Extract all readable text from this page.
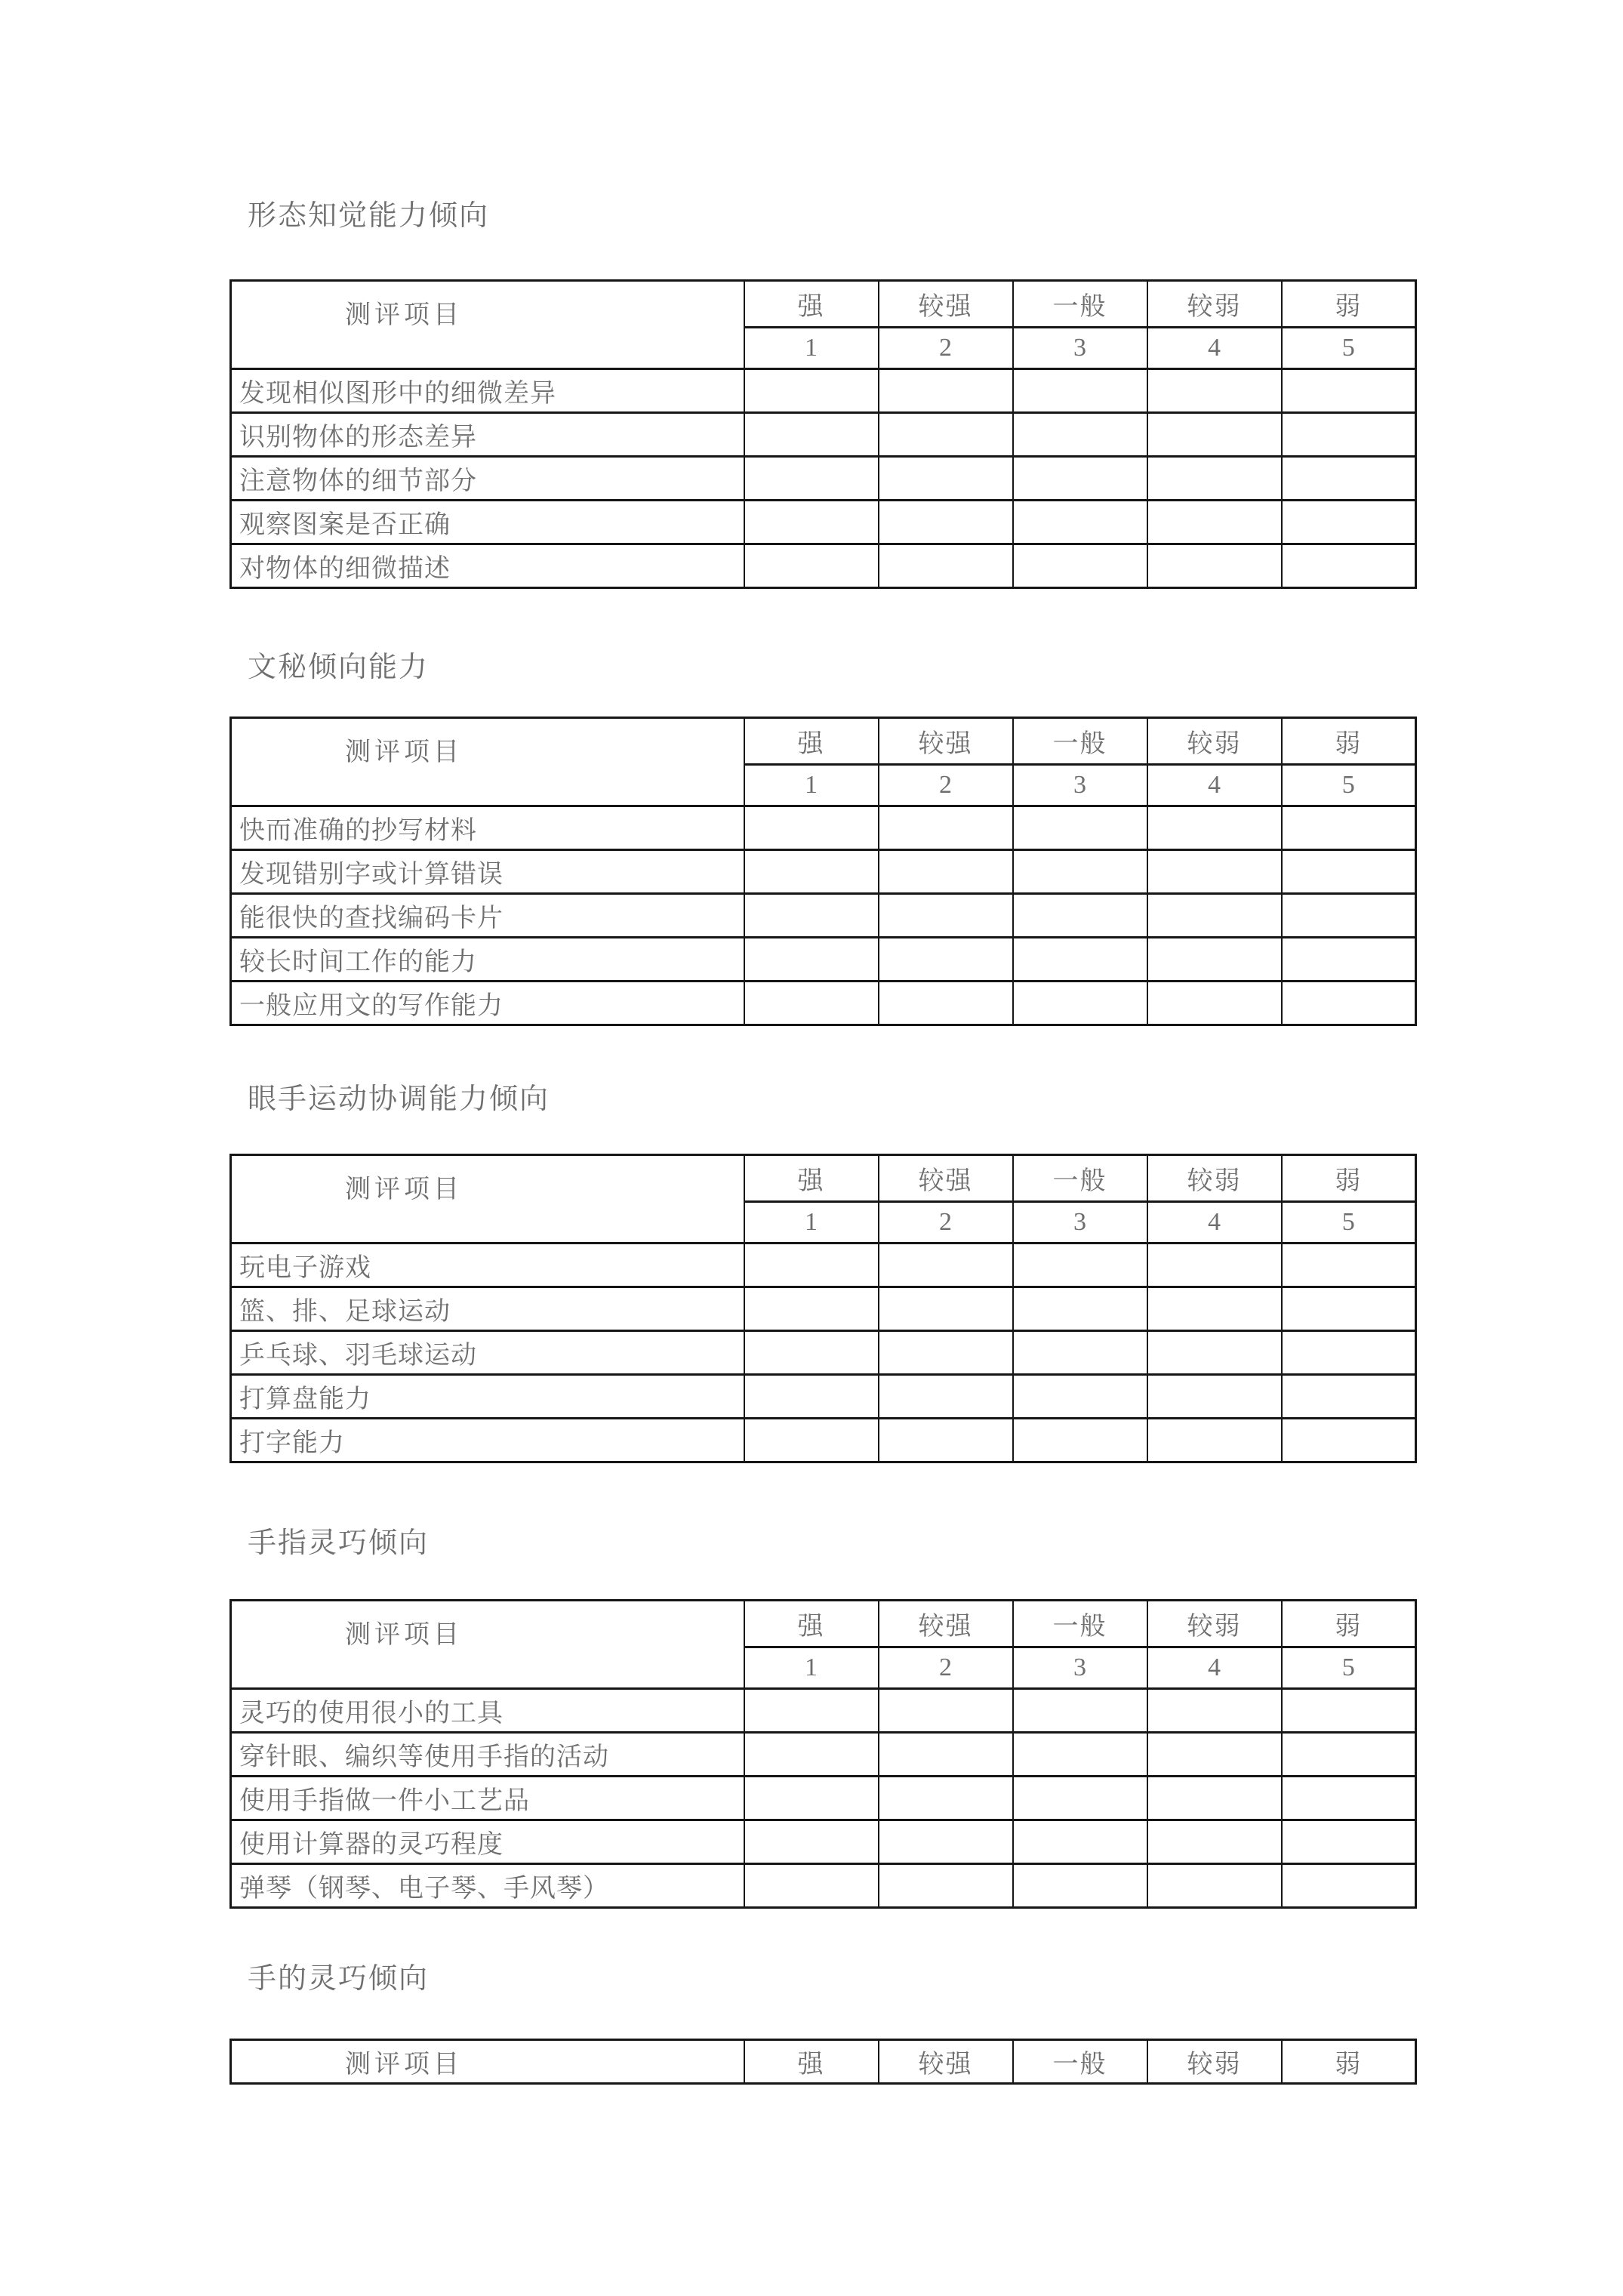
形态知觉能力倾向
测评项目	强	较强	一般	较弱	弱
	1	2	3	4	5
发现相似图形中的细微差异					
识别物体的形态差异					
注意物体的细节部分					
观察图案是否正确					
对物体的细微描述					
文秘倾向能力
测评项目	强	较强	一般	较弱	弱
	1	2	3	4	5
快而准确的抄写材料					
发现错别字或计算错误					
能很快的查找编码卡片					
较长时间工作的能力					
一般应用文的写作能力					
眼手运动协调能力倾向
测评项目	强	较强	一般	较弱	弱
	1	2	3	4	5
玩电子游戏					
篮、排、足球运动					
乒乓球、羽毛球运动					
打算盘能力					
打字能力					
手指灵巧倾向
测评项目	强	较强	一般	较弱	弱
	1	2	3	4	5
灵巧的使用很小的工具					
穿针眼、编织等使用手指的活动					
使用手指做一件小工艺品					
使用计算器的灵巧程度					
弹琴（钢琴、电子琴、手风琴）					
手的灵巧倾向
测评项目	强	较强	一般	较弱	弱
